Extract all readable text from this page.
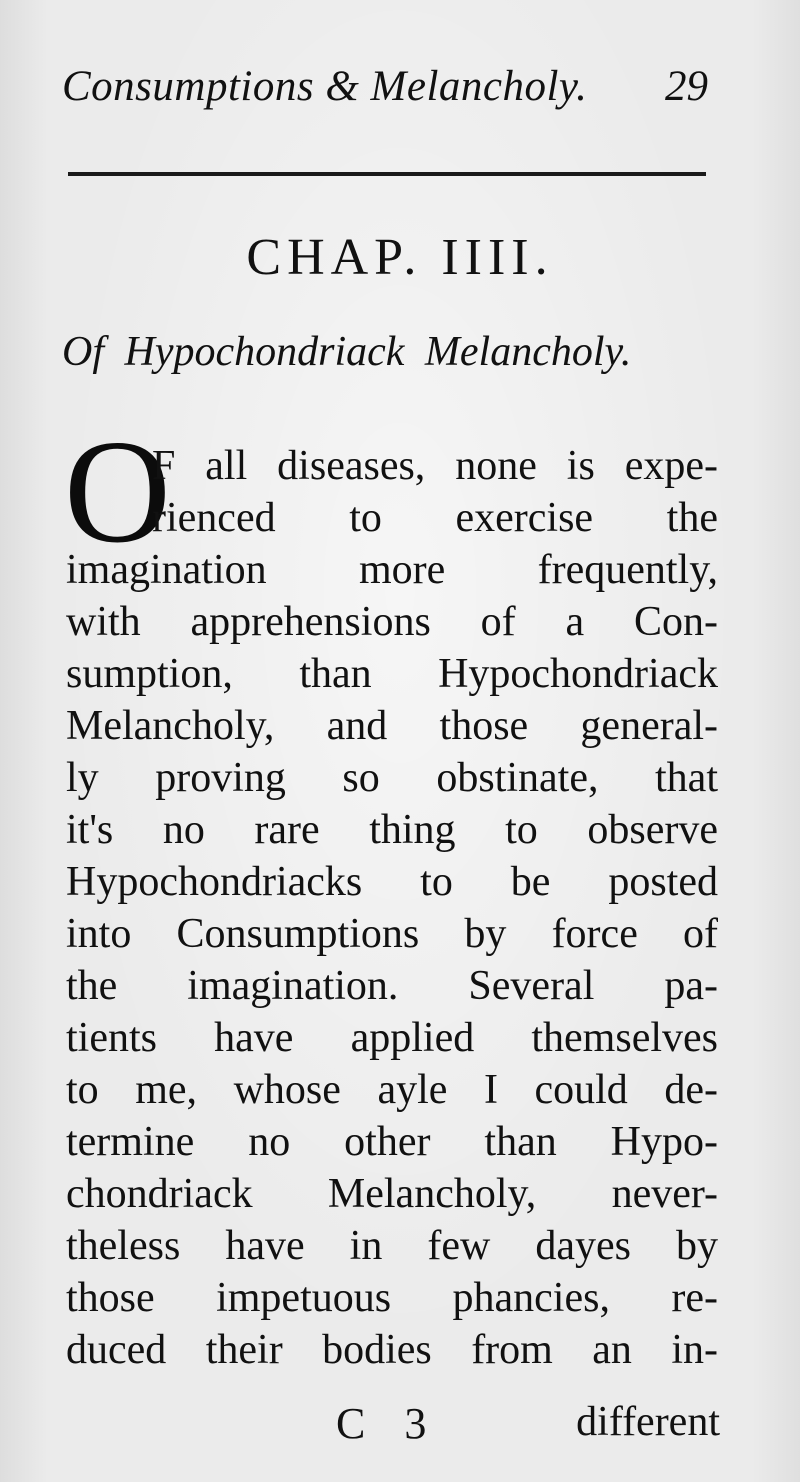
Consumptions & Melancholy. 29
CHAP. IIII.
Of Hypochondriack Melancholy.
O
F all diseases, none is expe-
rienced to exercise the
imagination more frequently,
with apprehensions of a Con-
sumption, than Hypochondriack
Melancholy, and those general-
ly proving so obstinate, that
it's no rare thing to observe
Hypochondriacks to be posted
into Consumptions by force of
the imagination. Several pa-
tients have applied themselves
to me, whose ayle I could de-
termine no other than Hypo-
chondriack Melancholy, never-
theless have in few dayes by
those impetuous phancies, re-
duced their bodies from an in-
C 3	different
